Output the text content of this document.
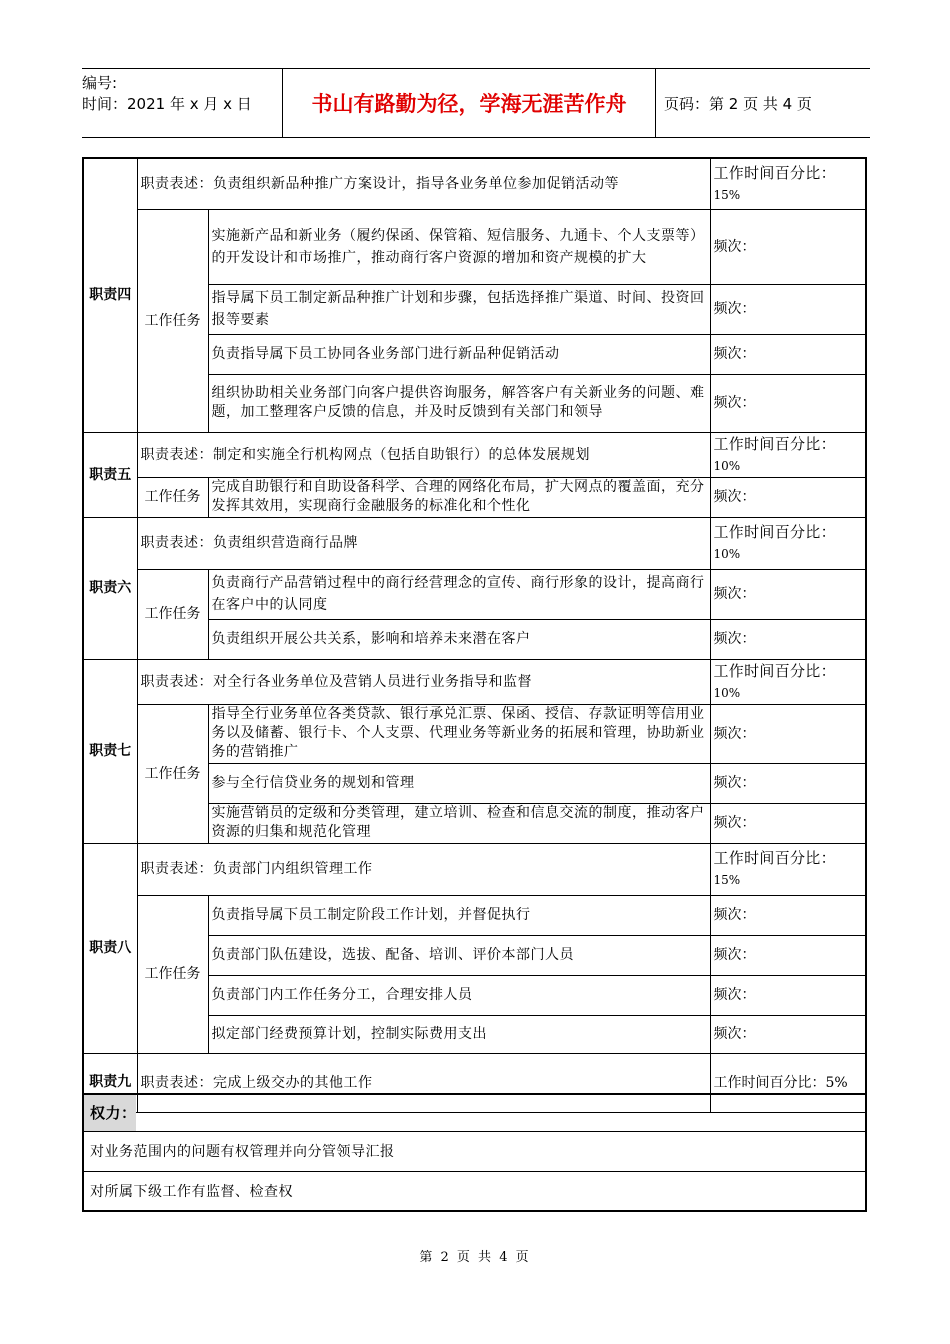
编号:
时间：2021 年 x 月 x 日	书山有路勤为径，学海无涯苦作舟	页码：第 2 页 共 4 页
职责四	职责表述：负责组织新品种推广方案设计，指导各业务单位参加促销活动等		工作时间百分比：
15%

	工作任务	实施新产品和新业务（履约保函、保管箱、短信服务、九通卡、个人支票等）的开发设计和市场推广，推动商行客户资源的增加和资产规模的扩大	频次：
		指导属下员工制定新品种推广计划和步骤，包括选择推广渠道、时间、投资回报等要素	频次：
		负责指导属下员工协同各业务部门进行新品种促销活动	频次：
		组织协助相关业务部门向客户提供咨询服务，解答客户有关新业务的问题、难题，加工整理客户反馈的信息，并及时反馈到有关部门和领导	频次：
职责五	职责表述：制定和实施全行机构网点（包括自助银行）的总体发展规划		工作时间百分比：
10%

	工作任务	完成自助银行和自助设备科学、合理的网络化布局，扩大网点的覆盖面，充分发挥其效用，实现商行金融服务的标准化和个性化	频次：
职责六	职责表述：负责组织营造商行品牌		工作时间百分比：
10%

	工作任务	负责商行产品营销过程中的商行经营理念的宣传、商行形象的设计，提高商行在客户中的认同度	频次：
		负责组织开展公共关系，影响和培养未来潜在客户	频次：
职责七	职责表述：对全行各业务单位及营销人员进行业务指导和监督		工作时间百分比：
10%

	工作任务	指导全行业务单位各类贷款、银行承兑汇票、保函、授信、存款证明等信用业务以及储蓄、银行卡、个人支票、代理业务等新业务的拓展和管理，协助新业务的营销推广	频次：
		参与全行信贷业务的规划和管理	频次：
		实施营销员的定级和分类管理，建立培训、检查和信息交流的制度，推动客户资源的归集和规范化管理	频次：
职责八	职责表述：负责部门内组织管理工作		工作时间百分比：
15%

	工作任务	负责指导属下员工制定阶段工作计划，并督促执行	频次：
		负责部门队伍建设，选拔、配备、培训、评价本部门人员	频次：
		负责部门内工作任务分工，合理安排人员	频次：
		拟定部门经费预算计划，控制实际费用支出	频次：
职责九	职责表述：完成上级交办的其他工作		工作时间百分比：5%
权力：
对业务范围内的问题有权管理并向分管领导汇报
对所属下级工作有监督、检查权
第 2 页 共 4 页
